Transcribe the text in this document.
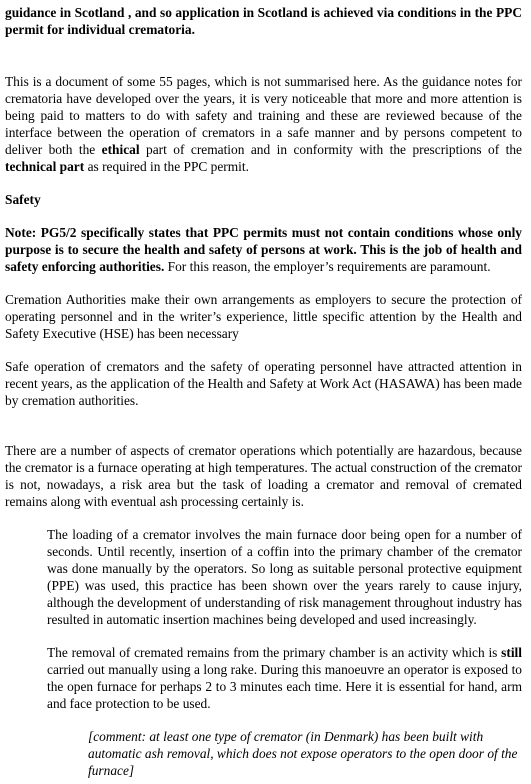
guidance in Scotland , and so application in Scotland is achieved via conditions in the PPC permit for individual crematoria.

This is a document of some 55 pages, which is not summarised here. As the guidance notes for crematoria have developed over the years, it is very noticeable that more and more attention is being paid to matters to do with safety and training and these are reviewed because of the interface between the operation of cremators in a safe manner and by persons competent to deliver both the ethical part of cremation and in conformity with the prescriptions of the technical part as required in the PPC permit.

Safety

Note: PG5/2 specifically states that PPC permits must not contain conditions whose only purpose is to secure the health and safety of persons at work. This is the job of health and safety enforcing authorities. For this reason, the employer’s requirements are paramount.

Cremation Authorities make their own arrangements as employers to secure the protection of operating personnel and in the writer’s experience, little specific attention by the Health and Safety Executive (HSE) has been necessary

Safe operation of cremators and the safety of operating personnel have attracted attention in recent years, as the application of the Health and Safety at Work Act (HASAWA) has been made by cremation authorities.

There are a number of aspects of cremator operations which potentially are hazardous, because the cremator is a furnace operating at high temperatures. The actual construction of the cremator is not, nowadays, a risk area but the task of loading a cremator and removal of cremated remains along with eventual ash processing certainly is.

The loading of a cremator involves the main furnace door being open for a number of seconds. Until recently, insertion of a coffin into the primary chamber of the cremator was done manually by the operators. So long as suitable personal protective equipment (PPE) was used, this practice has been shown over the years rarely to cause injury, although the development of understanding of risk management throughout industry has resulted in automatic insertion machines being developed and used increasingly.

The removal of cremated remains from the primary chamber is an activity which is still carried out manually using a long rake. During this manoeuvre an operator is exposed to the open furnace for perhaps 2 to 3 minutes each time. Here it is essential for hand, arm and face protection to be used.

[comment: at least one type of cremator (in Denmark) has been built with automatic ash removal, which does not expose operators to the open door of the furnace]
